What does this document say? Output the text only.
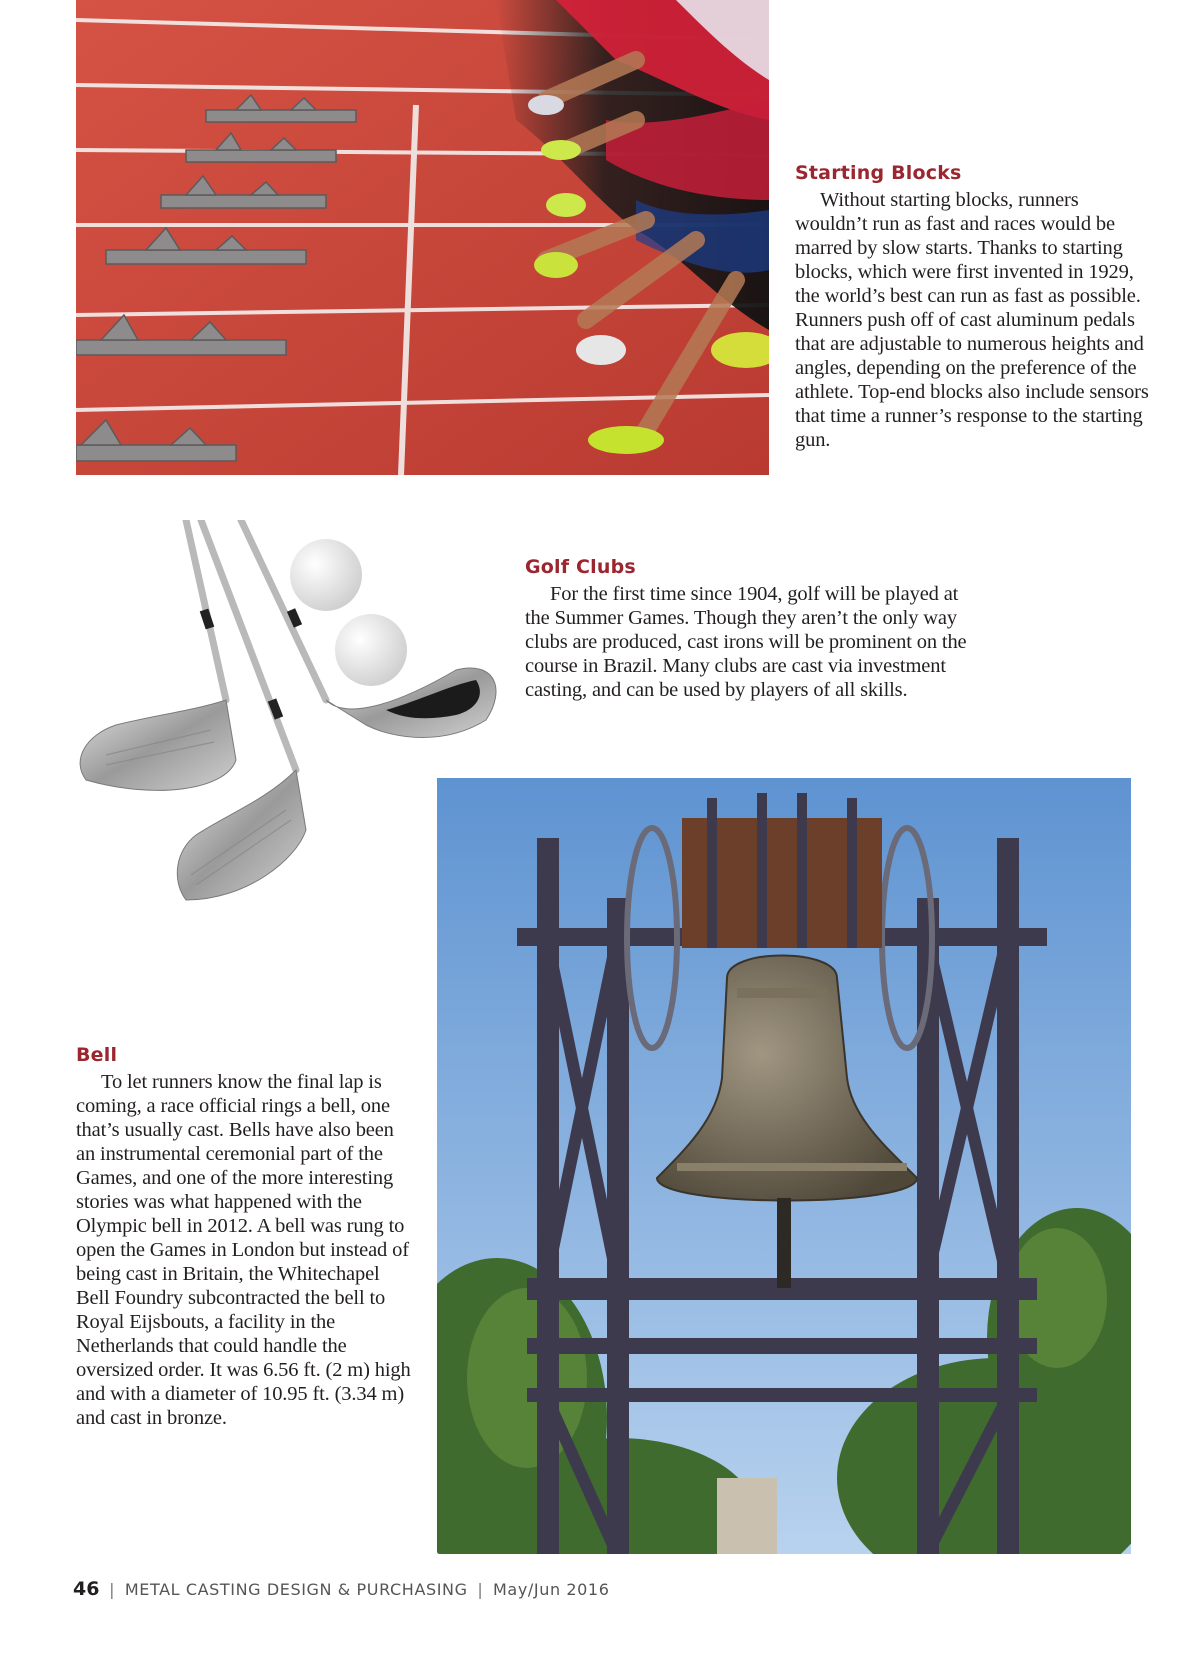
Starting Blocks

Without starting blocks, runners wouldn’t run as fast and races would be marred by slow starts. Thanks to starting blocks, which were first invented in 1929, the world’s best can run as fast as possible. Runners push off of cast aluminum pedals that are adjustable to numerous heights and angles, depending on the preference of the athlete. Top-end blocks also include sensors that time a runner’s response to the starting gun.

Golf Clubs

For the first time since 1904, golf will be played at the Summer Games. Though they aren’t the only way clubs are produced, cast irons will be prominent on the course in Brazil. Many clubs are cast via investment casting, and can be used by players of all skills.

Bell

To let runners know the final lap is coming, a race official rings a bell, one that’s usually cast. Bells have also been an instrumental ceremonial part of the Games, and one of the more interesting stories was what happened with the Olympic bell in 2012. A bell was rung to open the Games in London but instead of being cast in Britain, the Whitechapel Bell Foundry subcontracted the bell to Royal Eijsbouts, a facility in the Netherlands that could handle the oversized order. It was 6.56 ft. (2 m) high and with a diameter of 10.95 ft. (3.34 m) and cast in bronze.

46 | METAL CASTING DESIGN & PURCHASING | May/Jun 2016
